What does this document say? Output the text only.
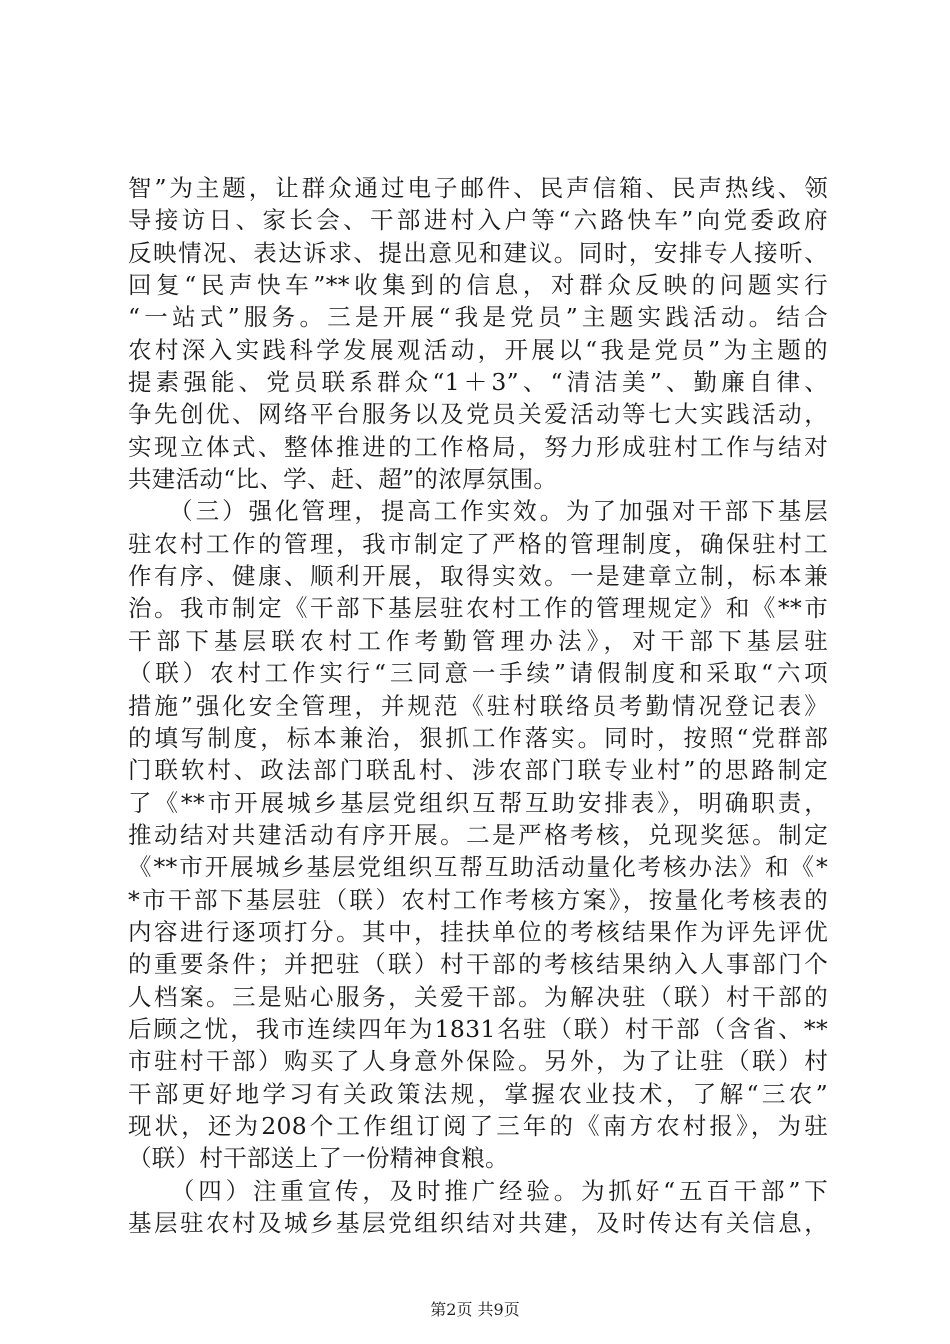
智”为主题，让群众通过电子邮件、民声信箱、民声热线、领
导接访日、家长会、干部进村入户等“六路快车”向党委政府
反映情况、表达诉求、提出意见和建议。同时，安排专人接听、
回复“民声快车”**收集到的信息，对群众反映的问题实行
“一站式”服务。三是开展“我是党员”主题实践活动。结合
农村深入实践科学发展观活动，开展以“我是党员”为主题的
提素强能、党员联系群众“1＋3”、“清洁美”、勤廉自律、
争先创优、网络平台服务以及党员关爱活动等七大实践活动，
实现立体式、整体推进的工作格局，努力形成驻村工作与结对
共建活动“比、学、赶、超”的浓厚氛围。
　　（三）强化管理，提高工作实效。为了加强对干部下基层
驻农村工作的管理，我市制定了严格的管理制度，确保驻村工
作有序、健康、顺利开展，取得实效。一是建章立制，标本兼
治。我市制定《干部下基层驻农村工作的管理规定》和《**市
干部下基层联农村工作考勤管理办法》，对干部下基层驻
（联）农村工作实行“三同意一手续”请假制度和采取“六项
措施”强化安全管理，并规范《驻村联络员考勤情况登记表》
的填写制度，标本兼治，狠抓工作落实。同时，按照“党群部
门联软村、政法部门联乱村、涉农部门联专业村”的思路制定
了《**市开展城乡基层党组织互帮互助安排表》，明确职责，
推动结对共建活动有序开展。二是严格考核，兑现奖惩。制定
《**市开展城乡基层党组织互帮互助活动量化考核办法》和《*
*市干部下基层驻（联）农村工作考核方案》，按量化考核表的
内容进行逐项打分。其中，挂扶单位的考核结果作为评先评优
的重要条件；并把驻（联）村干部的考核结果纳入人事部门个
人档案。三是贴心服务，关爱干部。为解决驻（联）村干部的
后顾之忧，我市连续四年为1831名驻（联）村干部（含省、**
市驻村干部）购买了人身意外保险。另外，为了让驻（联）村
干部更好地学习有关政策法规，掌握农业技术，了解“三农”
现状，还为208个工作组订阅了三年的《南方农村报》，为驻
（联）村干部送上了一份精神食粮。
　　（四）注重宣传，及时推广经验。为抓好“五百干部”下
基层驻农村及城乡基层党组织结对共建，及时传达有关信息，
第2页 共9页
